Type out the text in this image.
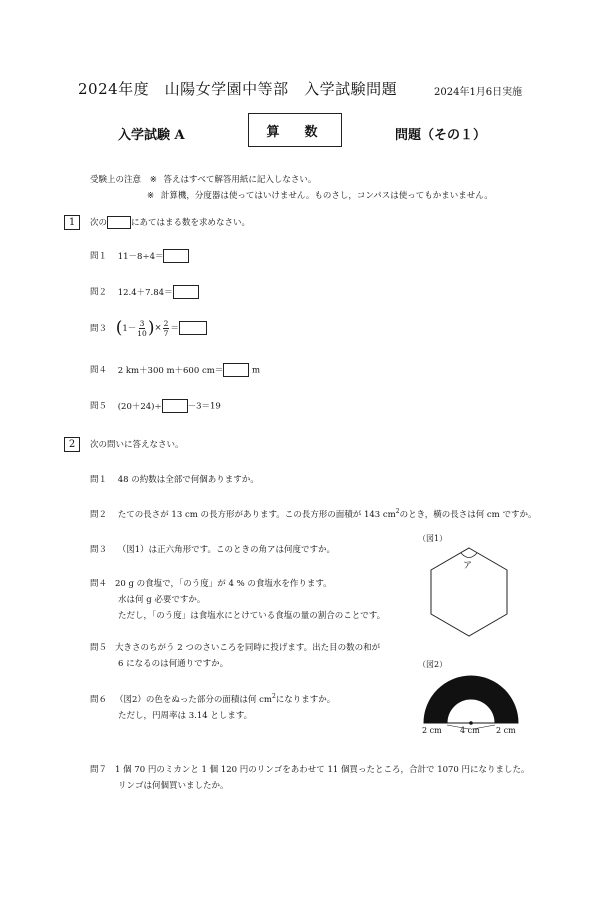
2024年度　山陽女学園中等部　入学試験問題	2024年1月6日実施
入学試験 A	算　数	問題（その１）
受験上の注意 ※ 答えはすべて解答用紙に記入しなさい。
※ 計算機，分度器は使ってはいけません。ものさし，コンパスは使ってもかまいません。
1 次の	にあてはまる数を求めなさい。
問１ 11－8÷4＝
問２ 12.4＋7.84＝
問３ ($1- \frac{3}{10}$ )× $\frac{2}{7}$ ＝
問４ 2 km＋300 m＋600 cm＝	m
問５ (20＋24)÷	－3＝19
2 次の問いに答えなさい。
問１ 48 の約数は全部で何個ありますか。
問２ たての長さが 13 cm の長方形があります。この長方形の面積が 143 $cm^2$のとき，横の長さは何 cm ですか。
問３ （図1）は正六角形です。このときの角アは何度ですか。
問４ 20 g の食塩で，「のう度」が 4 % の食塩水を作ります。
水は何 g 必要ですか。
ただし，「のう度」は食塩水にとけている食塩の量の割合のことです。
問５ 大きさのちがう 2 つのさいころを同時に投げます。出た目の数の和が
6 になるのは何通りですか。
問６ （図2）の色をぬった部分の面積は何 $cm^2$になりますか。
ただし，円周率は 3.14 とします。
問７ 1 個 70 円のミカンと 1 個 120 円のリンゴをあわせて 11 個買ったところ，合計で 1070 円になりました。
リンゴは何個買いましたか。
（図1）
ア
（図2）
2 cm 4 cm 2 cm
